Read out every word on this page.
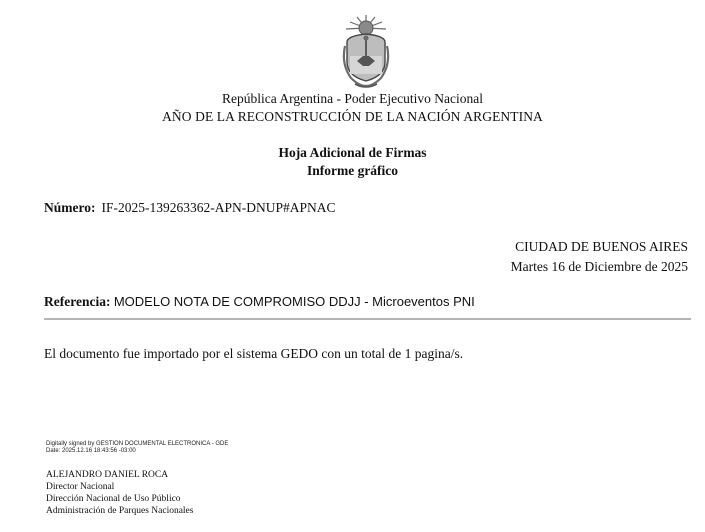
República Argentina - Poder Ejecutivo Nacional
AÑO DE LA RECONSTRUCCIÓN DE LA NACIÓN ARGENTINA
Hoja Adicional de Firmas
Informe gráfico
Número: IF-2025-139263362-APN-DNUP#APNAC
CIUDAD DE BUENOS AIRES
Martes 16 de Diciembre de 2025
Referencia: MODELO NOTA DE COMPROMISO DDJJ - Microeventos PNI
El documento fue importado por el sistema GEDO con un total de 1 pagina/s.
Digitally signed by GESTION DOCUMENTAL ELECTRONICA - GDE
Date: 2025.12.16 18:43:56 -03:00
ALEJANDRO DANIEL ROCA
Director Nacional
Dirección Nacional de Uso Público
Administración de Parques Nacionales
